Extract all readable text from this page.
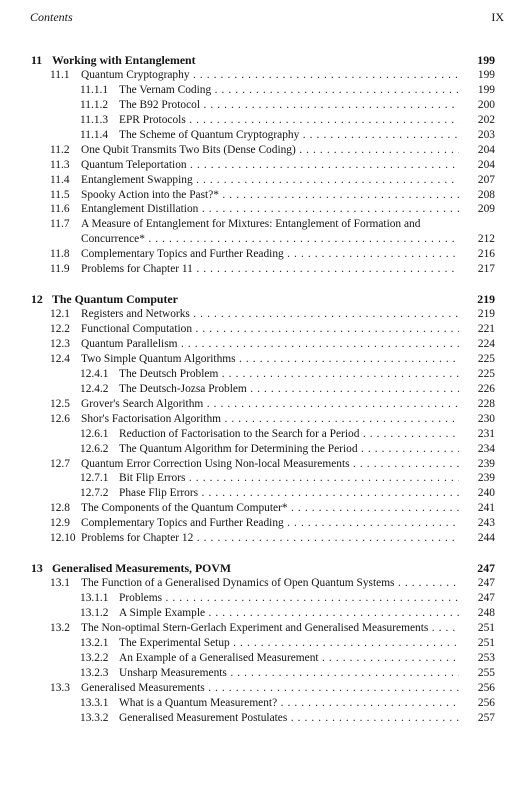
Contents	IX
11 Working with Entanglement	199
11.1 Quantum Cryptography . . .	199
11.1.1 The Vernam Coding . . .	199
11.1.2 The B92 Protocol . . .	200
11.1.3 EPR Protocols . . .	202
11.1.4 The Scheme of Quantum Cryptography . . .	203
11.2 One Qubit Transmits Two Bits (Dense Coding) . . .	204
11.3 Quantum Teleportation . . .	204
11.4 Entanglement Swapping . . .	207
11.5 Spooky Action into the Past?* . . .	208
11.6 Entanglement Distillation . . .	209
11.7 A Measure of Entanglement for Mixtures: Entanglement of Formation and
Concurrence* . . .	212
11.8 Complementary Topics and Further Reading . . .	216
11.9 Problems for Chapter 11 . . .	217
12 The Quantum Computer	219
12.1 Registers and Networks . . .	219
12.2 Functional Computation . . .	221
12.3 Quantum Parallelism . . .	224
12.4 Two Simple Quantum Algorithms . . .	225
12.4.1 The Deutsch Problem . . .	225
12.4.2 The Deutsch-Jozsa Problem . . .	226
12.5 Grover's Search Algorithm . . .	228
12.6 Shor's Factorisation Algorithm . . .	230
12.6.1 Reduction of Factorisation to the Search for a Period . . .	231
12.6.2 The Quantum Algorithm for Determining the Period . . .	234
12.7 Quantum Error Correction Using Non-local Measurements . . .	239
12.7.1 Bit Flip Errors . . .	239
12.7.2 Phase Flip Errors . . .	240
12.8 The Components of the Quantum Computer* . . .	241
12.9 Complementary Topics and Further Reading . . .	243
12.10 Problems for Chapter 12 . . .	244
13 Generalised Measurements, POVM	247
13.1 The Function of a Generalised Dynamics of Open Quantum Systems . . .	247
13.1.1 Problems . . .	247
13.1.2 A Simple Example . . .	248
13.2 The Non-optimal Stern-Gerlach Experiment and Generalised Measurements . . .	251
13.2.1 The Experimental Setup . . .	251
13.2.2 An Example of a Generalised Measurement . . .	253
13.2.3 Unsharp Measurements . . .	255
13.3 Generalised Measurements . . .	256
13.3.1 What is a Quantum Measurement? . . .	256
13.3.2 Generalised Measurement Postulates . . .	257
